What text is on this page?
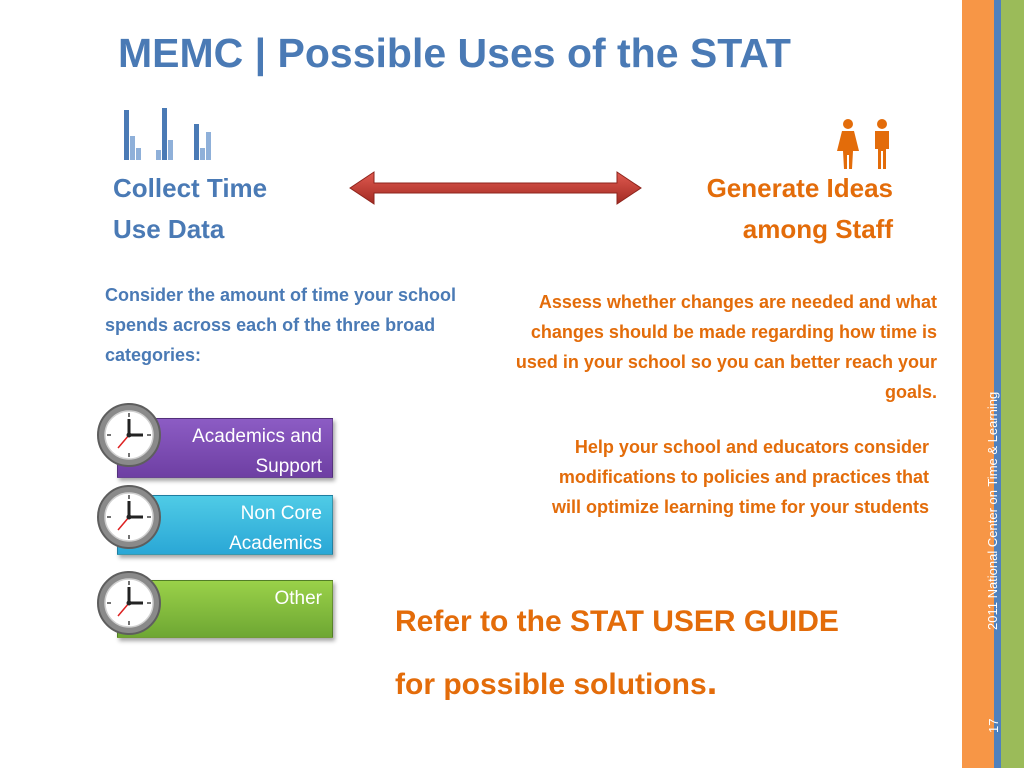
2011 National Center on Time & Learning
17
MEMC | Possible Uses of the STAT
Collect Time
Use Data
Generate Ideas
among Staff
Consider the amount of time your school spends across each of the three broad categories:
Assess whether changes are needed and what changes should be made regarding how time is used in your school so you can better reach your goals.
Help your school and educators consider modifications to policies and practices that will optimize learning time for your students
Academics and
Support
Non Core
Academics
Other
Refer to the STAT USER GUIDE
for possible solutions.
